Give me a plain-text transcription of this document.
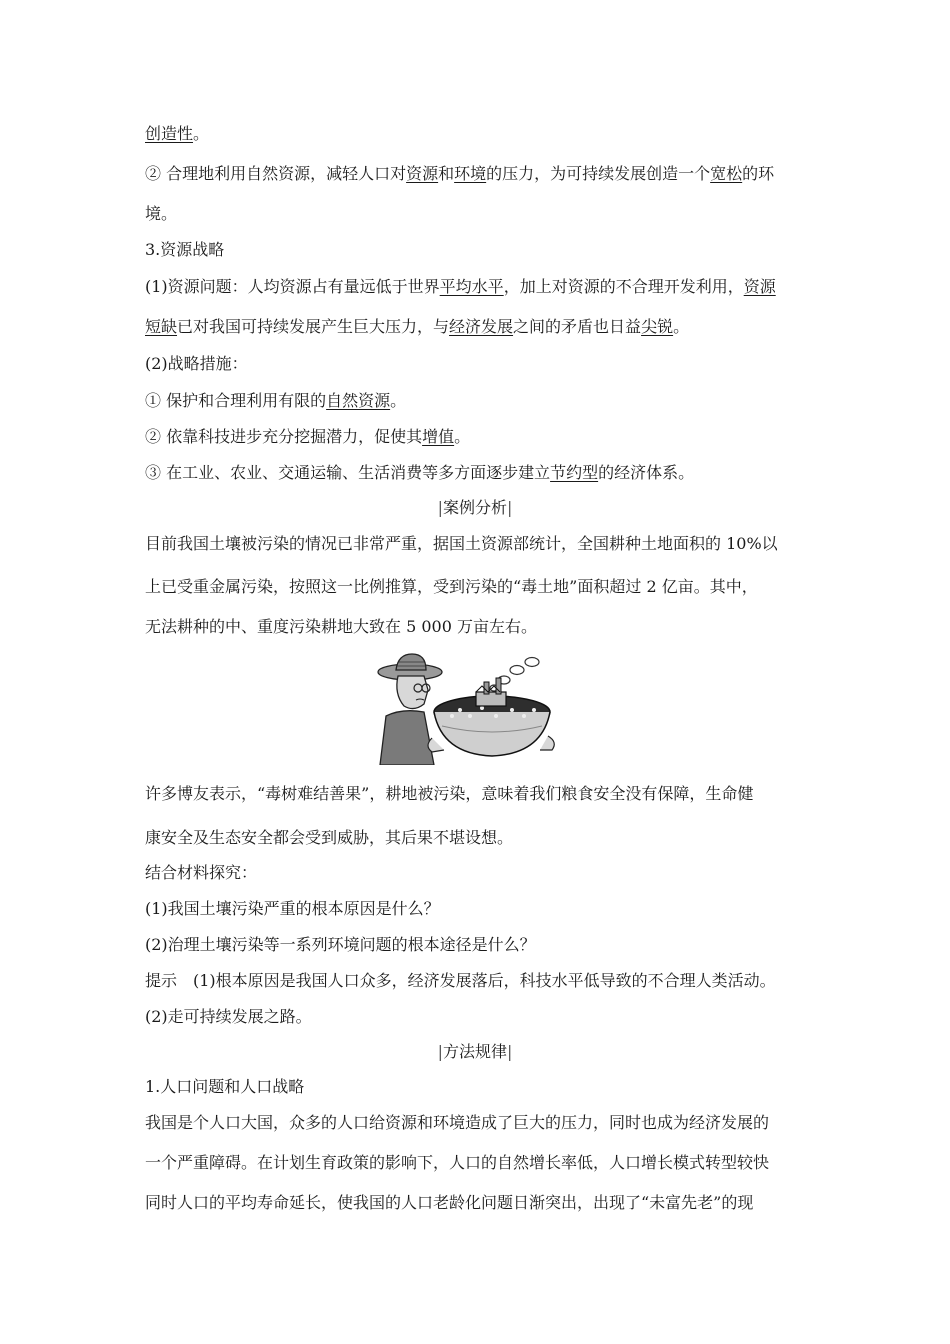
创造性。
② 合理地利用自然资源，减轻人口对资源和环境的压力，为可持续发展创造一个宽松的环
境。
3.资源战略
(1)资源问题：人均资源占有量远低于世界平均水平，加上对资源的不合理开发利用，资源
短缺已对我国可持续发展产生巨大压力，与经济发展之间的矛盾也日益尖锐。
(2)战略措施：
① 保护和合理利用有限的自然资源。
② 依靠科技进步充分挖掘潜力，促使其增值。
③ 在工业、农业、交通运输、生活消费等多方面逐步建立节约型的经济体系。
|案例分析|
目前我国土壤被污染的情况已非常严重，据国土资源部统计，全国耕种土地面积的 10%以
上已受重金属污染，按照这一比例推算，受到污染的“毒土地”面积超过 2 亿亩。其中，
无法耕种的中、重度污染耕地大致在 5 000 万亩左右。
许多博友表示，“毒树难结善果”，耕地被污染，意味着我们粮食安全没有保障，生命健
康安全及生态安全都会受到威胁，其后果不堪设想。
结合材料探究：
(1)我国土壤污染严重的根本原因是什么？
(2)治理土壤污染等一系列环境问题的根本途径是什么？
提示　(1)根本原因是我国人口众多，经济发展落后，科技水平低导致的不合理人类活动。
(2)走可持续发展之路。
|方法规律|
1.人口问题和人口战略
我国是个人口大国，众多的人口给资源和环境造成了巨大的压力，同时也成为经济发展的
一个严重障碍。在计划生育政策的影响下，人口的自然增长率低，人口增长模式转型较快
同时人口的平均寿命延长，使我国的人口老龄化问题日渐突出，出现了“未富先老”的现
